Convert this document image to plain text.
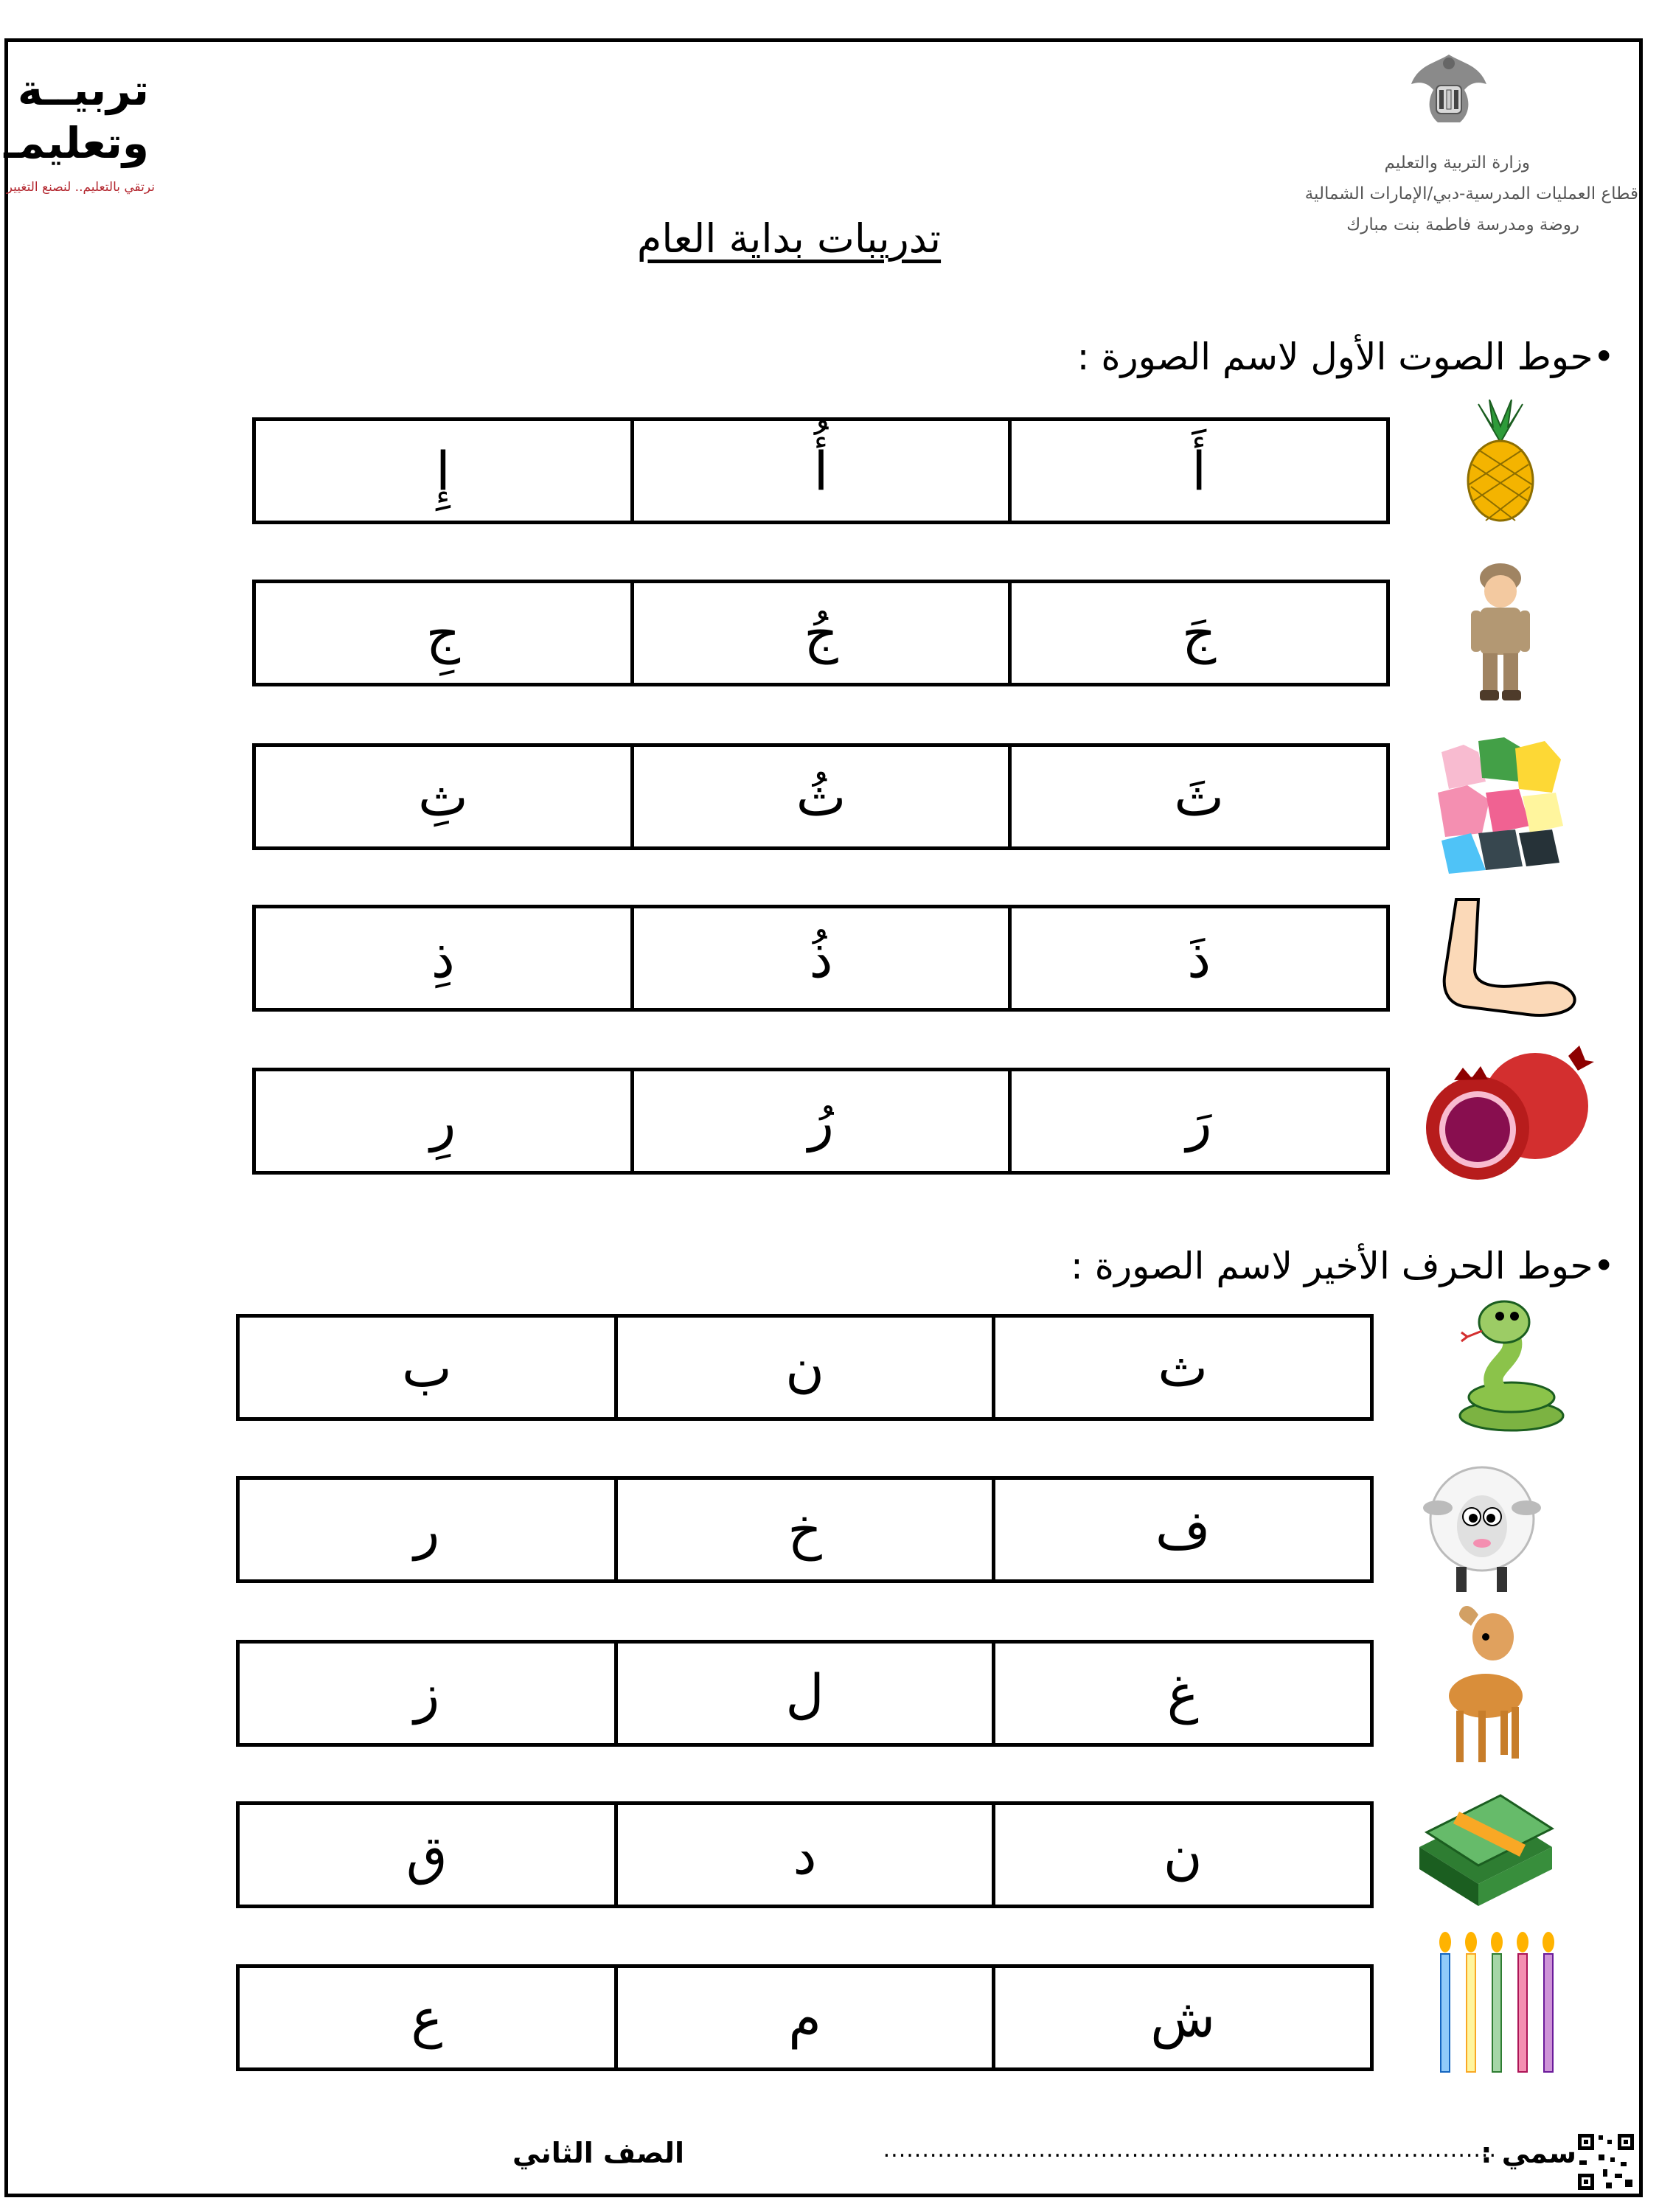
تربيــة
وتعليمـ
نرتقي بالتعليم.. لنصنع التغيير
وزارة التربية والتعليم
قطاع العمليات المدرسية-دبي/الإمارات الشمالية
روضة ومدرسة فاطمة بنت مبارك
تدريبات بداية العام
•حوط الصوت الأول لاسم الصورة :
أَ
أُ
إِ
جَ
جُ
جِ
ثَ
ثُ
ثِ
ذَ
ذُ
ذِ
رَ
رُ
رِ
•حوط الحرف الأخير لاسم الصورة :
ث
ن
ب
ف
خ
ر
غ
ل
ز
ن
د
ق
ش
م
ع
سمي :
...............................................................................
الصف الثاني
